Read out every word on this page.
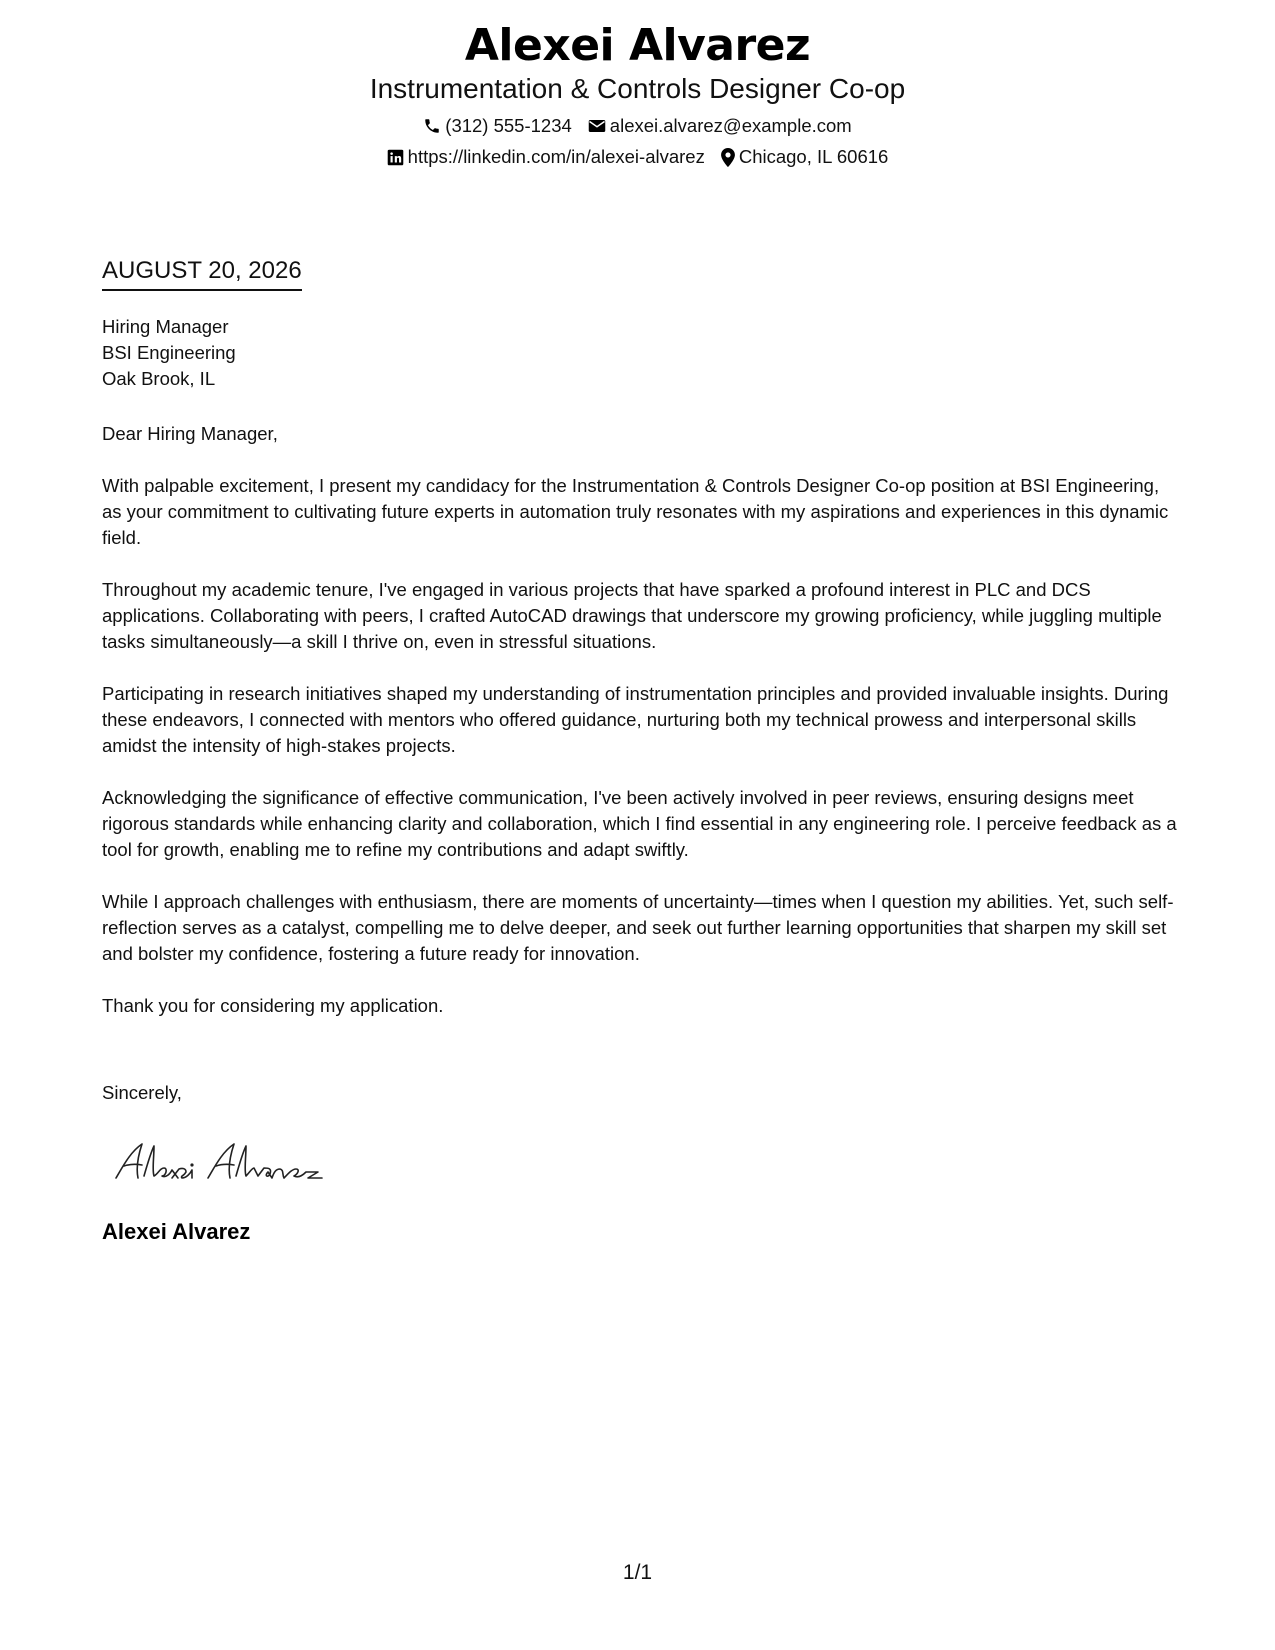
Alexei Alvarez
Instrumentation & Controls Designer Co-op
(312) 555-1234 alexei.alvarez@example.com
https://linkedin.com/in/alexei-alvarez Chicago, IL 60616
AUGUST 20, 2026
Hiring Manager
BSI Engineering
Oak Brook, IL

Dear Hiring Manager,

With palpable excitement, I present my candidacy for the Instrumentation & Controls Designer Co-op position at BSI Engineering, as your commitment to cultivating future experts in automation truly resonates with my aspirations and experiences in this dynamic field.

Throughout my academic tenure, I've engaged in various projects that have sparked a profound interest in PLC and DCS applications. Collaborating with peers, I crafted AutoCAD drawings that underscore my growing proficiency, while juggling multiple tasks simultaneously—a skill I thrive on, even in stressful situations.

Participating in research initiatives shaped my understanding of instrumentation principles and provided invaluable insights. During these endeavors, I connected with mentors who offered guidance, nurturing both my technical prowess and interpersonal skills amidst the intensity of high-stakes projects.

Acknowledging the significance of effective communication, I've been actively involved in peer reviews, ensuring designs meet rigorous standards while enhancing clarity and collaboration, which I find essential in any engineering role. I perceive feedback as a tool for growth, enabling me to refine my contributions and adapt swiftly.

While I approach challenges with enthusiasm, there are moments of uncertainty—times when I question my abilities. Yet, such self-reflection serves as a catalyst, compelling me to delve deeper, and seek out further learning opportunities that sharpen my skill set and bolster my confidence, fostering a future ready for innovation.

Thank you for considering my application.

Sincerely,
Alexei Alvarez
1/1
